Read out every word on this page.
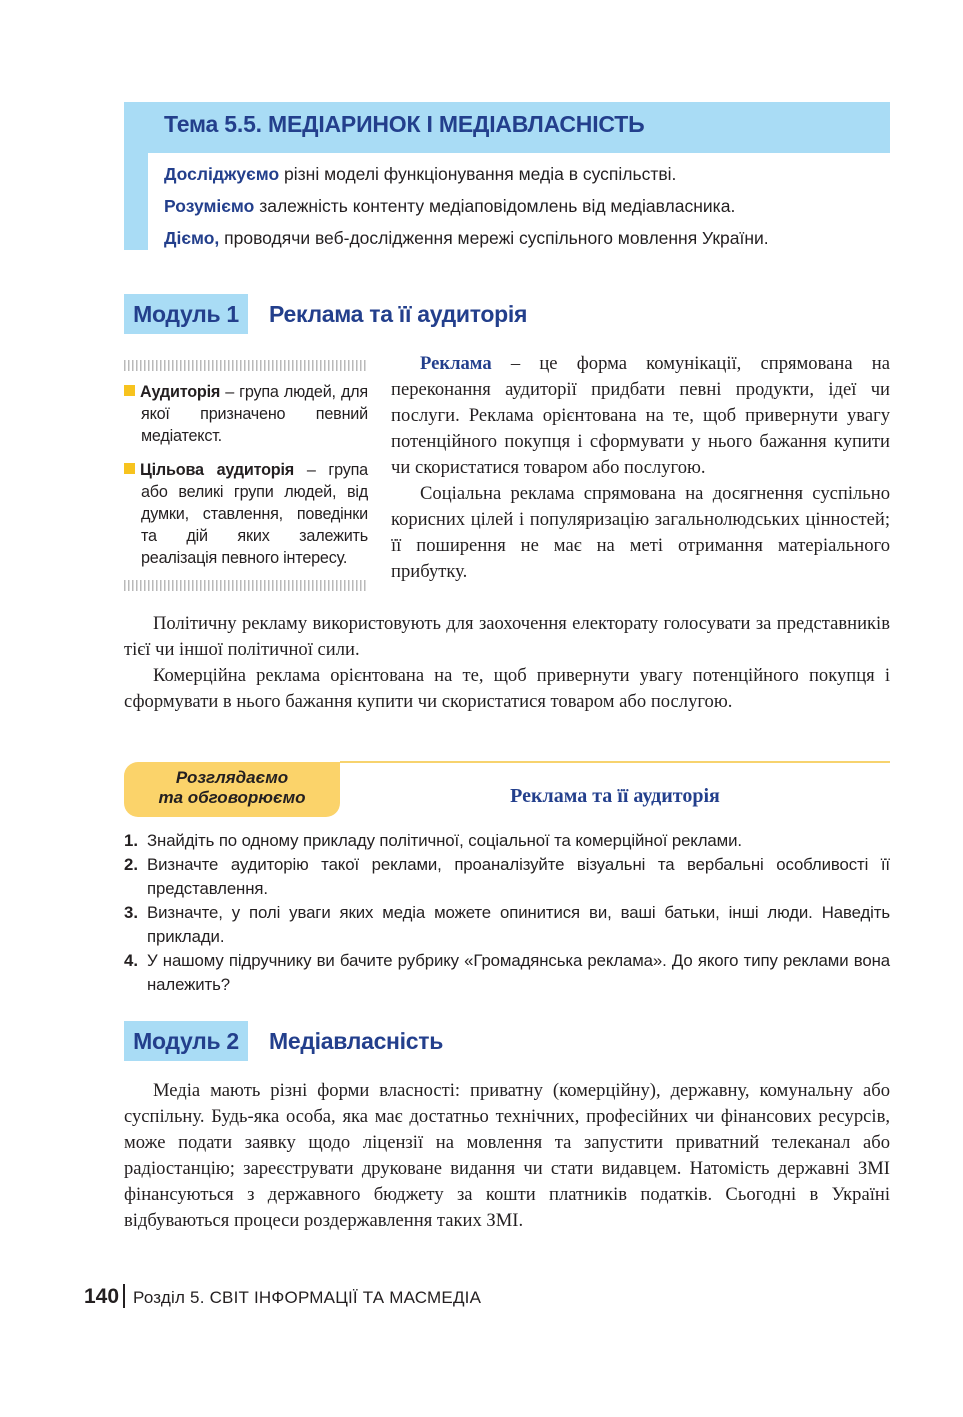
Тема 5.5. МЕДІАРИНОК І МЕДІАВЛАСНІСТЬ
Досліджуємо різні моделі функціонування медіа в суспільстві.
Розуміємо залежність контенту медіаповідомлень від медіавласника.
Діємо, проводячи веб-дослідження мережі суспільного мовлення України.
Модуль 1	Реклама та її аудиторія

Аудиторія – група людей, для якої призначено певний медіатекст.

Цільова аудиторія – група або великі групи людей, від думки, ставлення, поведінки та дій яких залежить реалізація певного інтересу.

Реклама – це форма комунікації, спрямована на переконання аудиторії придбати певні продукти, ідеї чи послуги. Реклама орієнтована на те, щоб привернути увагу потенційного покупця і сформувати у нього бажання купити чи скористатися товаром або послугою.

Соціальна реклама спрямована на досягнення суспільно корисних цілей і популяризацію загальнолюдських цінностей; її поширення не має на меті отримання матеріального прибутку.

Політичну рекламу використовують для заохочення електорату голосувати за представників тієї чи іншої політичної сили.

Комерційна реклама орієнтована на те, щоб привернути увагу потенційного покупця і сформувати в нього бажання купити чи скористатися товаром або послугою.

Розглядаємо
та обговорюємо	Реклама та її аудиторія
1. Знайдіть по одному прикладу політичної, соціальної та комерційної реклами.
2. Визначте аудиторію такої реклами, проаналізуйте візуальні та вербальні особливості її представлення.
3. Визначте, у полі уваги яких медіа можете опинитися ви, ваші батьки, інші люди. Наведіть приклади.
4. У нашому підручнику ви бачите рубрику «Громадянська реклама». До якого типу реклами вона належить?
Модуль 2	Медіавласність

Медіа мають різні форми власності: приватну (комерційну), державну, комунальну або суспільну. Будь-яка особа, яка має достатньо технічних, професійних чи фінансових ресурсів, може подати заявку щодо ліцензії на мовлення та запустити приватний телеканал або радіостанцію; зареєструвати друковане видання чи стати видавцем. Натомість державні ЗМІ фінансуються з державного бюджету за кошти платників податків. Сьогодні в Україні відбуваються процеси роздержавлення таких ЗМІ.

140 Розділ 5. СВІТ ІНФОРМАЦІЇ ТА МАСМЕДІА
